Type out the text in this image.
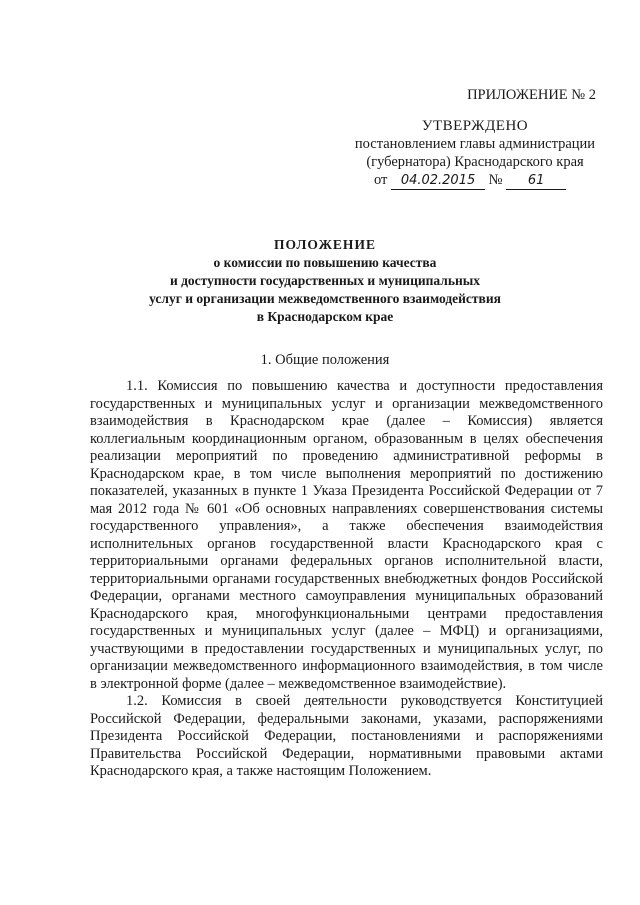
ПРИЛОЖЕНИЕ № 2
УТВЕРЖДЕНО
постановлением главы администрации
(губернатора) Краснодарского края
от 04.02.2015 № 61
ПОЛОЖЕНИЕ
о комиссии по повышению качества
и доступности государственных и муниципальных
услуг и организации межведомственного взаимодействия
в Краснодарском крае
1. Общие положения

1.1. Комиссия по повышению качества и доступности предоставления государственных и муниципальных услуг и организации межведомственного взаимодействия в Краснодарском крае (далее – Комиссия) является коллегиальным координационным органом, образованным в целях обеспечения реализации мероприятий по проведению административной реформы в Краснодарском крае, в том числе выполнения мероприятий по достижению показателей, указанных в пункте 1 Указа Президента Российской Федерации от 7 мая 2012 года № 601 «Об основных направлениях совершенствования системы государственного управления», а также обеспечения взаимодействия исполнительных органов государственной власти Краснодарского края с территориальными органами федеральных органов исполнительной власти, территориальными органами государственных внебюджетных фондов Российской Федерации, органами местного самоуправления муниципальных образований Краснодарского края, многофункциональными центрами предоставления государственных и муниципальных услуг (далее – МФЦ) и организациями, участвующими в предоставлении государственных и муниципальных услуг, по организации межведомственного информационного взаимодействия, в том числе в электронной форме (далее – межведомственное взаимодействие).

1.2. Комиссия в своей деятельности руководствуется Конституцией Российской Федерации, федеральными законами, указами, распоряжениями Президента Российской Федерации, постановлениями и распоряжениями Правительства Российской Федерации, нормативными правовыми актами Краснодарского края, а также настоящим Положением.
